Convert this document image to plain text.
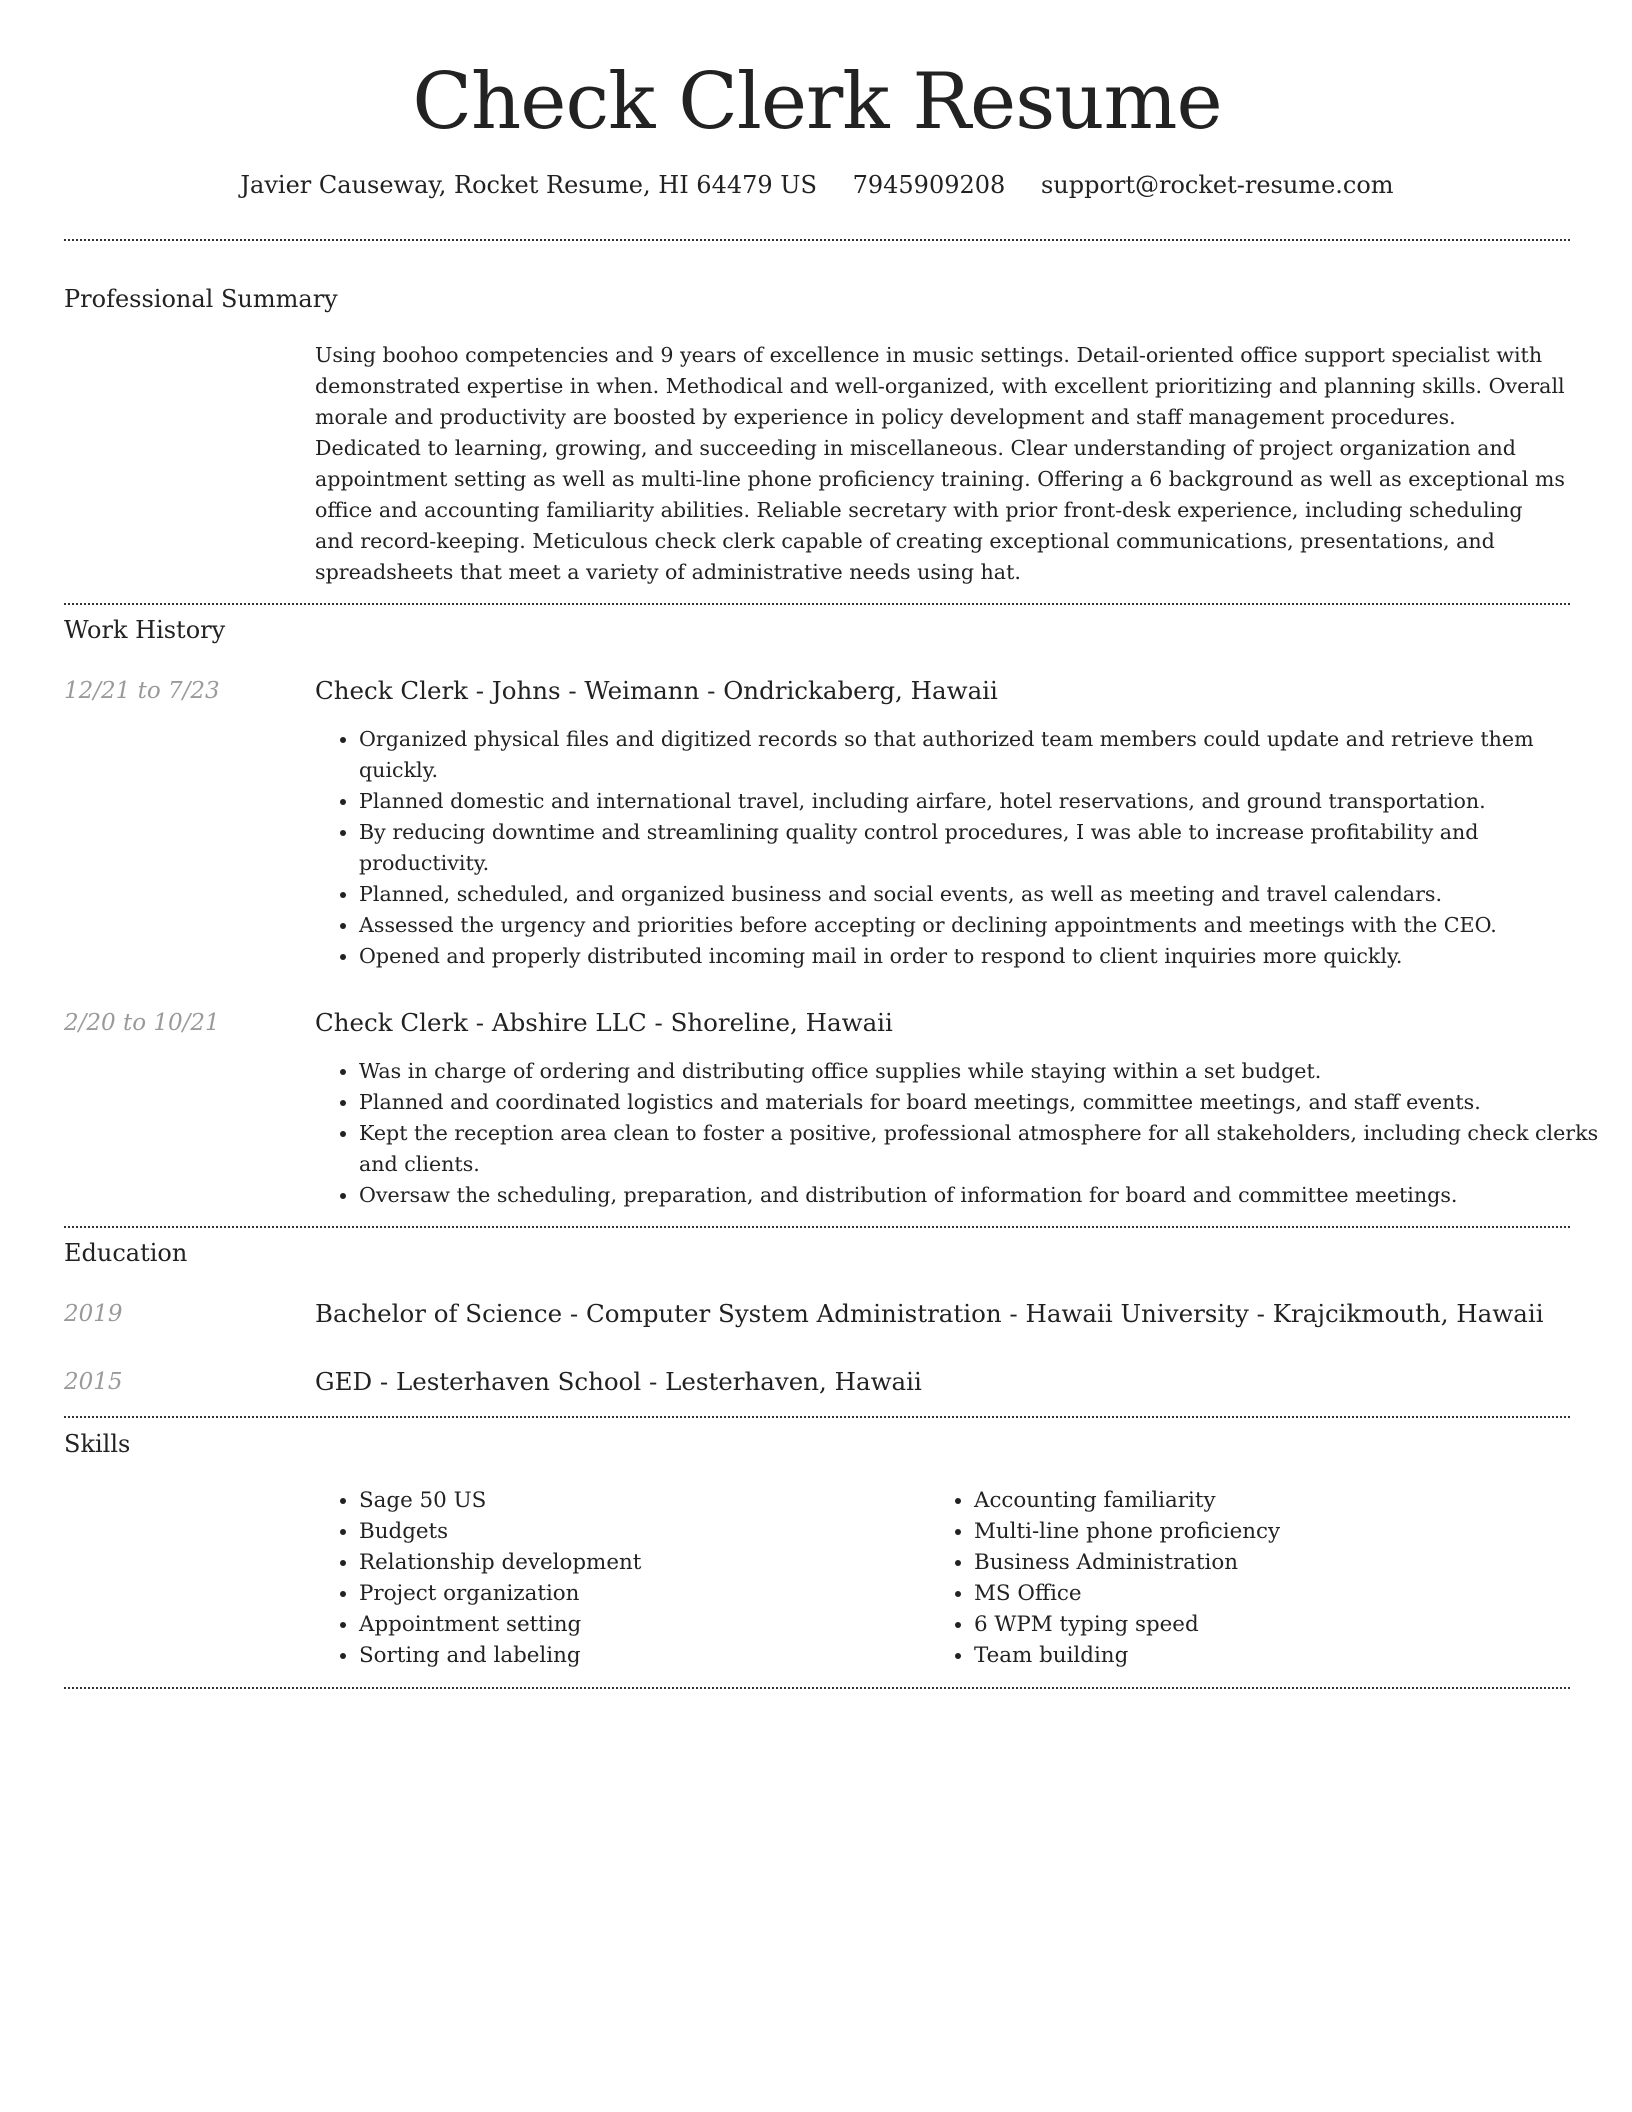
Check Clerk Resume

Javier Causeway, Rocket Resume, HI 64479 US 7945909208 support@rocket-resume.com

Professional Summary

Using boohoo competencies and 9 years of excellence in music settings. Detail-oriented office support specialist with demonstrated expertise in when. Methodical and well-organized, with excellent prioritizing and planning skills. Overall morale and productivity are boosted by experience in policy development and staff management procedures. Dedicated to learning, growing, and succeeding in miscellaneous. Clear understanding of project organization and appointment setting as well as multi-line phone proficiency training. Offering a 6 background as well as exceptional ms office and accounting familiarity abilities. Reliable secretary with prior front-desk experience, including scheduling and record-keeping. Meticulous check clerk capable of creating exceptional communications, presentations, and spreadsheets that meet a variety of administrative needs using hat.

Work History

12/21 to 7/23	Check Clerk - Johns - Weimann - Ondrickaberg, Hawaii

• Organized physical files and digitized records so that authorized team members could update and retrieve them quickly.
• Planned domestic and international travel, including airfare, hotel reservations, and ground transportation.
• By reducing downtime and streamlining quality control procedures, I was able to increase profitability and productivity.
• Planned, scheduled, and organized business and social events, as well as meeting and travel calendars.
• Assessed the urgency and priorities before accepting or declining appointments and meetings with the CEO.
• Opened and properly distributed incoming mail in order to respond to client inquiries more quickly.

2/20 to 10/21	Check Clerk - Abshire LLC - Shoreline, Hawaii

• Was in charge of ordering and distributing office supplies while staying within a set budget.
• Planned and coordinated logistics and materials for board meetings, committee meetings, and staff events.
• Kept the reception area clean to foster a positive, professional atmosphere for all stakeholders, including check clerks and clients.
• Oversaw the scheduling, preparation, and distribution of information for board and committee meetings.
Education

2019	Bachelor of Science - Computer System Administration - Hawaii University - Krajcikmouth, Hawaii

2015	GED - Lesterhaven School - Lesterhaven, Hawaii

Skills
• Sage 50 US
• Budgets
• Relationship development
• Project organization
• Appointment setting
• Sorting and labeling
• Accounting familiarity
• Multi-line phone proficiency
• Business Administration
• MS Office
• 6 WPM typing speed
• Team building
